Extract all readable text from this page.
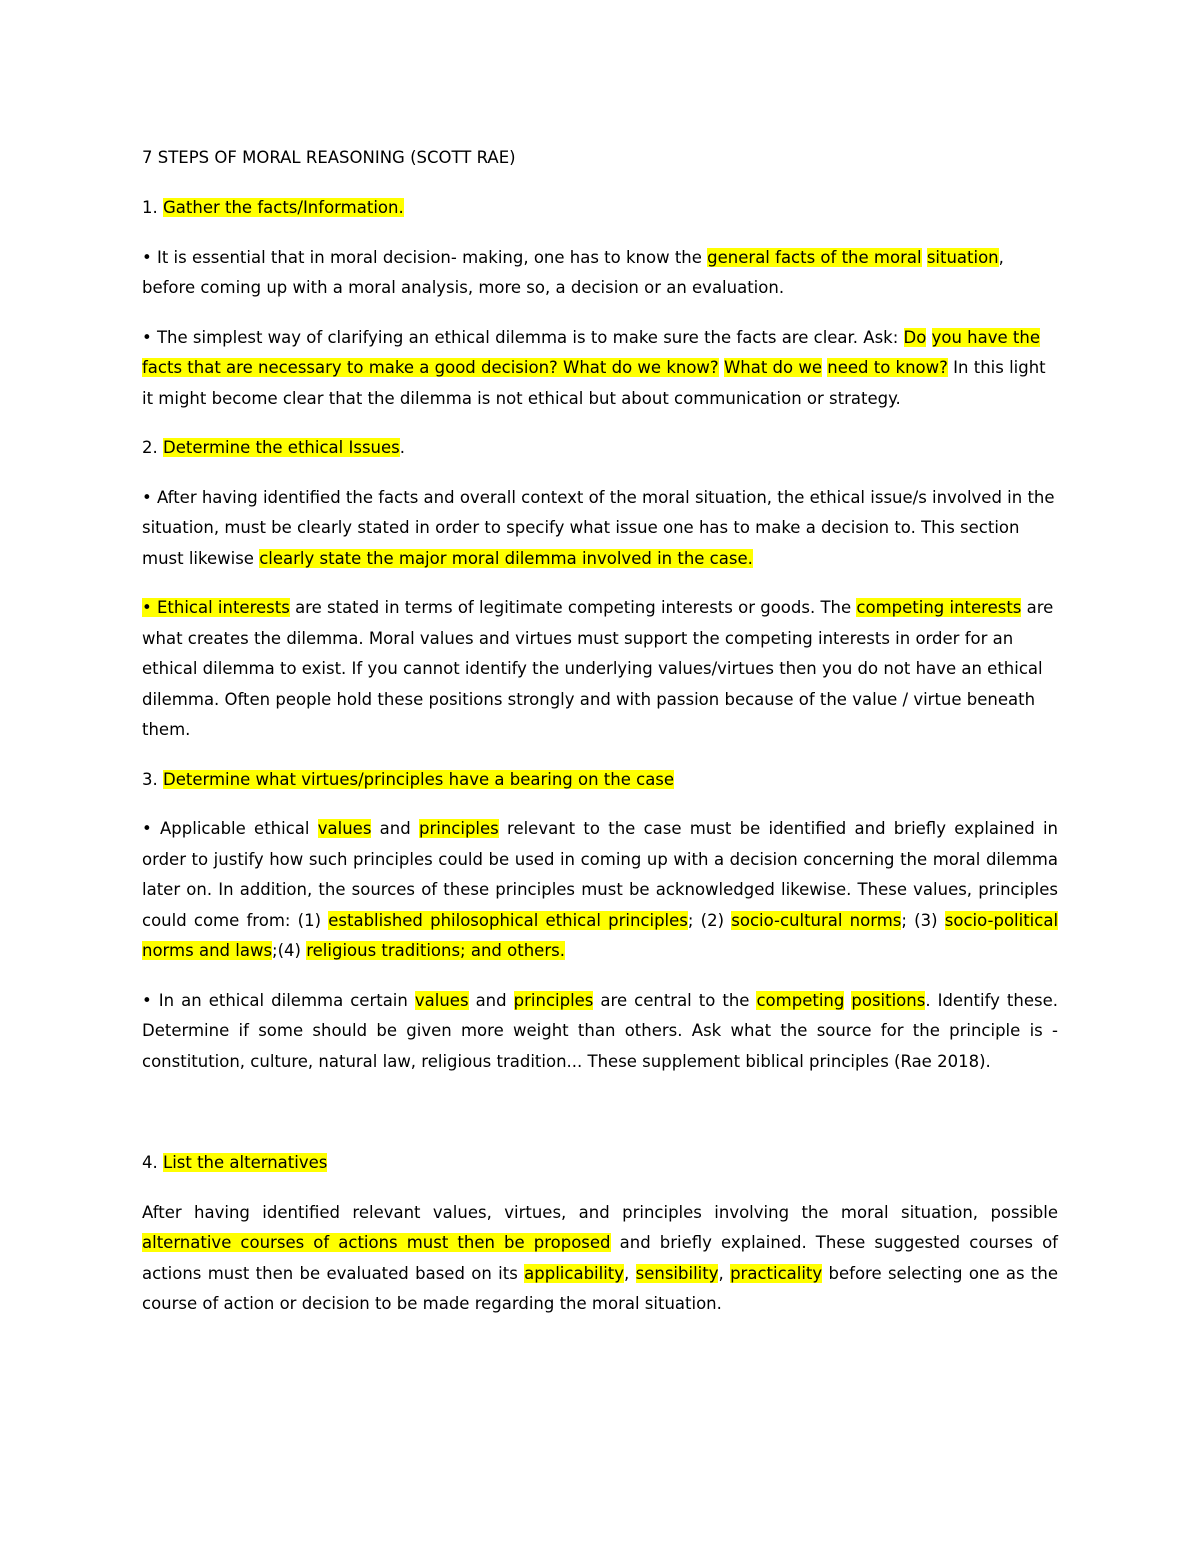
7 STEPS OF MORAL REASONING (SCOTT RAE)

1. Gather the facts/Information.

• It is essential that in moral decision- making, one has to know the general facts of the moral situation, before coming up with a moral analysis, more so, a decision or an evaluation.

• The simplest way of clarifying an ethical dilemma is to make sure the facts are clear. Ask: Do you have the facts that are necessary to make a good decision? What do we know? What do we need to know? In this light it might become clear that the dilemma is not ethical but about communication or strategy.

2. Determine the ethical Issues.

• After having identified the facts and overall context of the moral situation, the ethical issue/s involved in the situation, must be clearly stated in order to specify what issue one has to make a decision to. This section must likewise clearly state the major moral dilemma involved in the case.

• Ethical interests are stated in terms of legitimate competing interests or goods. The competing interests are what creates the dilemma. Moral values and virtues must support the competing interests in order for an ethical dilemma to exist. If you cannot identify the underlying values/virtues then you do not have an ethical dilemma. Often people hold these positions strongly and with passion because of the value / virtue beneath them.

3. Determine what virtues/principles have a bearing on the case

• Applicable ethical values and principles relevant to the case must be identified and briefly explained in order to justify how such principles could be used in coming up with a decision concerning the moral dilemma later on. In addition, the sources of these principles must be acknowledged likewise. These values, principles could come from: (1) established philosophical ethical principles; (2) socio-cultural norms; (3) socio-political norms and laws;(4) religious traditions; and others.

• In an ethical dilemma certain values and principles are central to the competing positions. Identify these. Determine if some should be given more weight than others. Ask what the source for the principle is - constitution, culture, natural law, religious tradition... These supplement biblical principles (Rae 2018).

4. List the alternatives

After having identified relevant values, virtues, and principles involving the moral situation, possible alternative courses of actions must then be proposed and briefly explained. These suggested courses of actions must then be evaluated based on its applicability, sensibility, practicality before selecting one as the course of action or decision to be made regarding the moral situation.
